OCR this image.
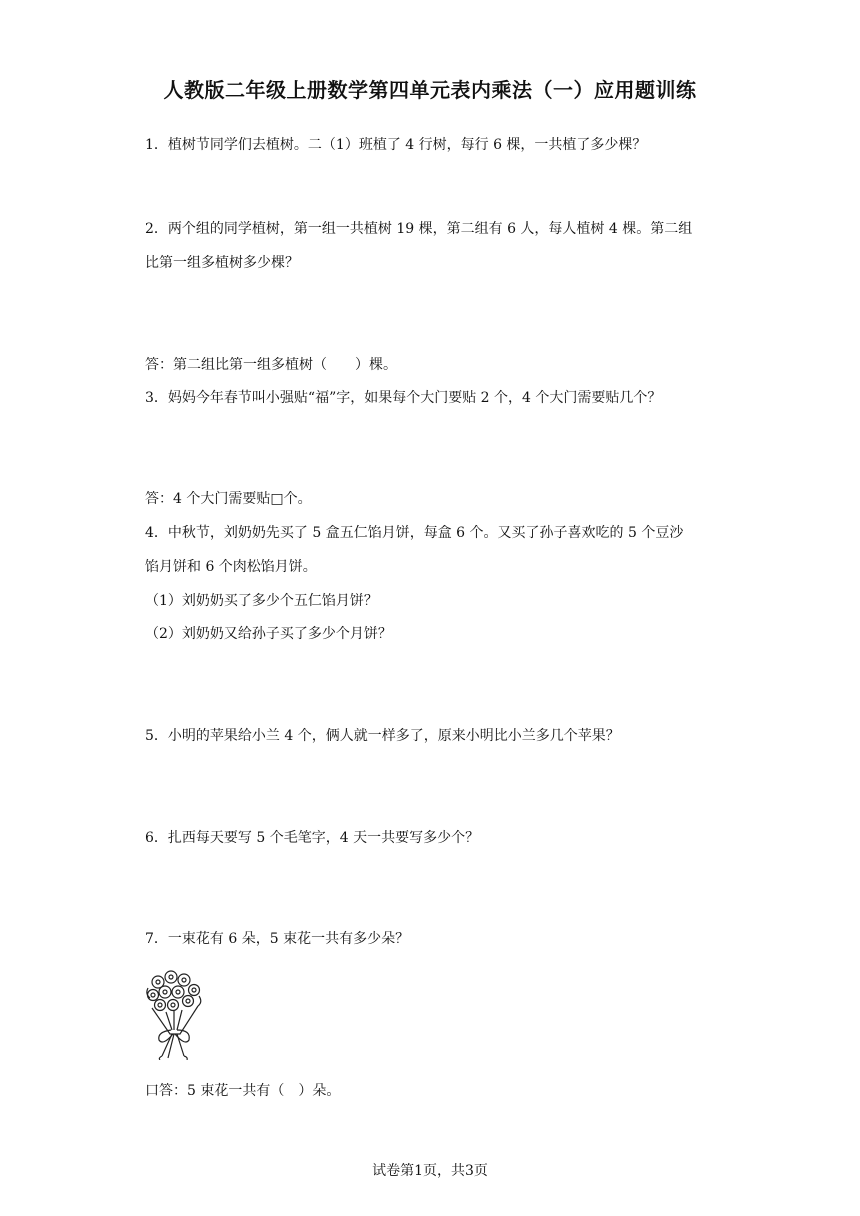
人教版二年级上册数学第四单元表内乘法（一）应用题训练
1．植树节同学们去植树。二（1）班植了 4 行树，每行 6 棵，一共植了多少棵？
2．两个组的同学植树，第一组一共植树 19 棵，第二组有 6 人，每人植树 4 棵。第二组
比第一组多植树多少棵？
答：第二组比第一组多植树（　　）棵。
3．妈妈今年春节叫小强贴“福”字，如果每个大门要贴 2 个，4 个大门需要贴几个？
答：4 个大门需要贴□个。
4．中秋节，刘奶奶先买了 5 盒五仁馅月饼，每盒 6 个。又买了孙子喜欢吃的 5 个豆沙
馅月饼和 6 个肉松馅月饼。
（1）刘奶奶买了多少个五仁馅月饼？
（2）刘奶奶又给孙子买了多少个月饼？
5．小明的苹果给小兰 4 个，俩人就一样多了，原来小明比小兰多几个苹果？
6．扎西每天要写 5 个毛笔字，4 天一共要写多少个？
7．一束花有 6 朵，5 束花一共有多少朵？
口答：5 束花一共有（　）朵。
试卷第1页，共3页
